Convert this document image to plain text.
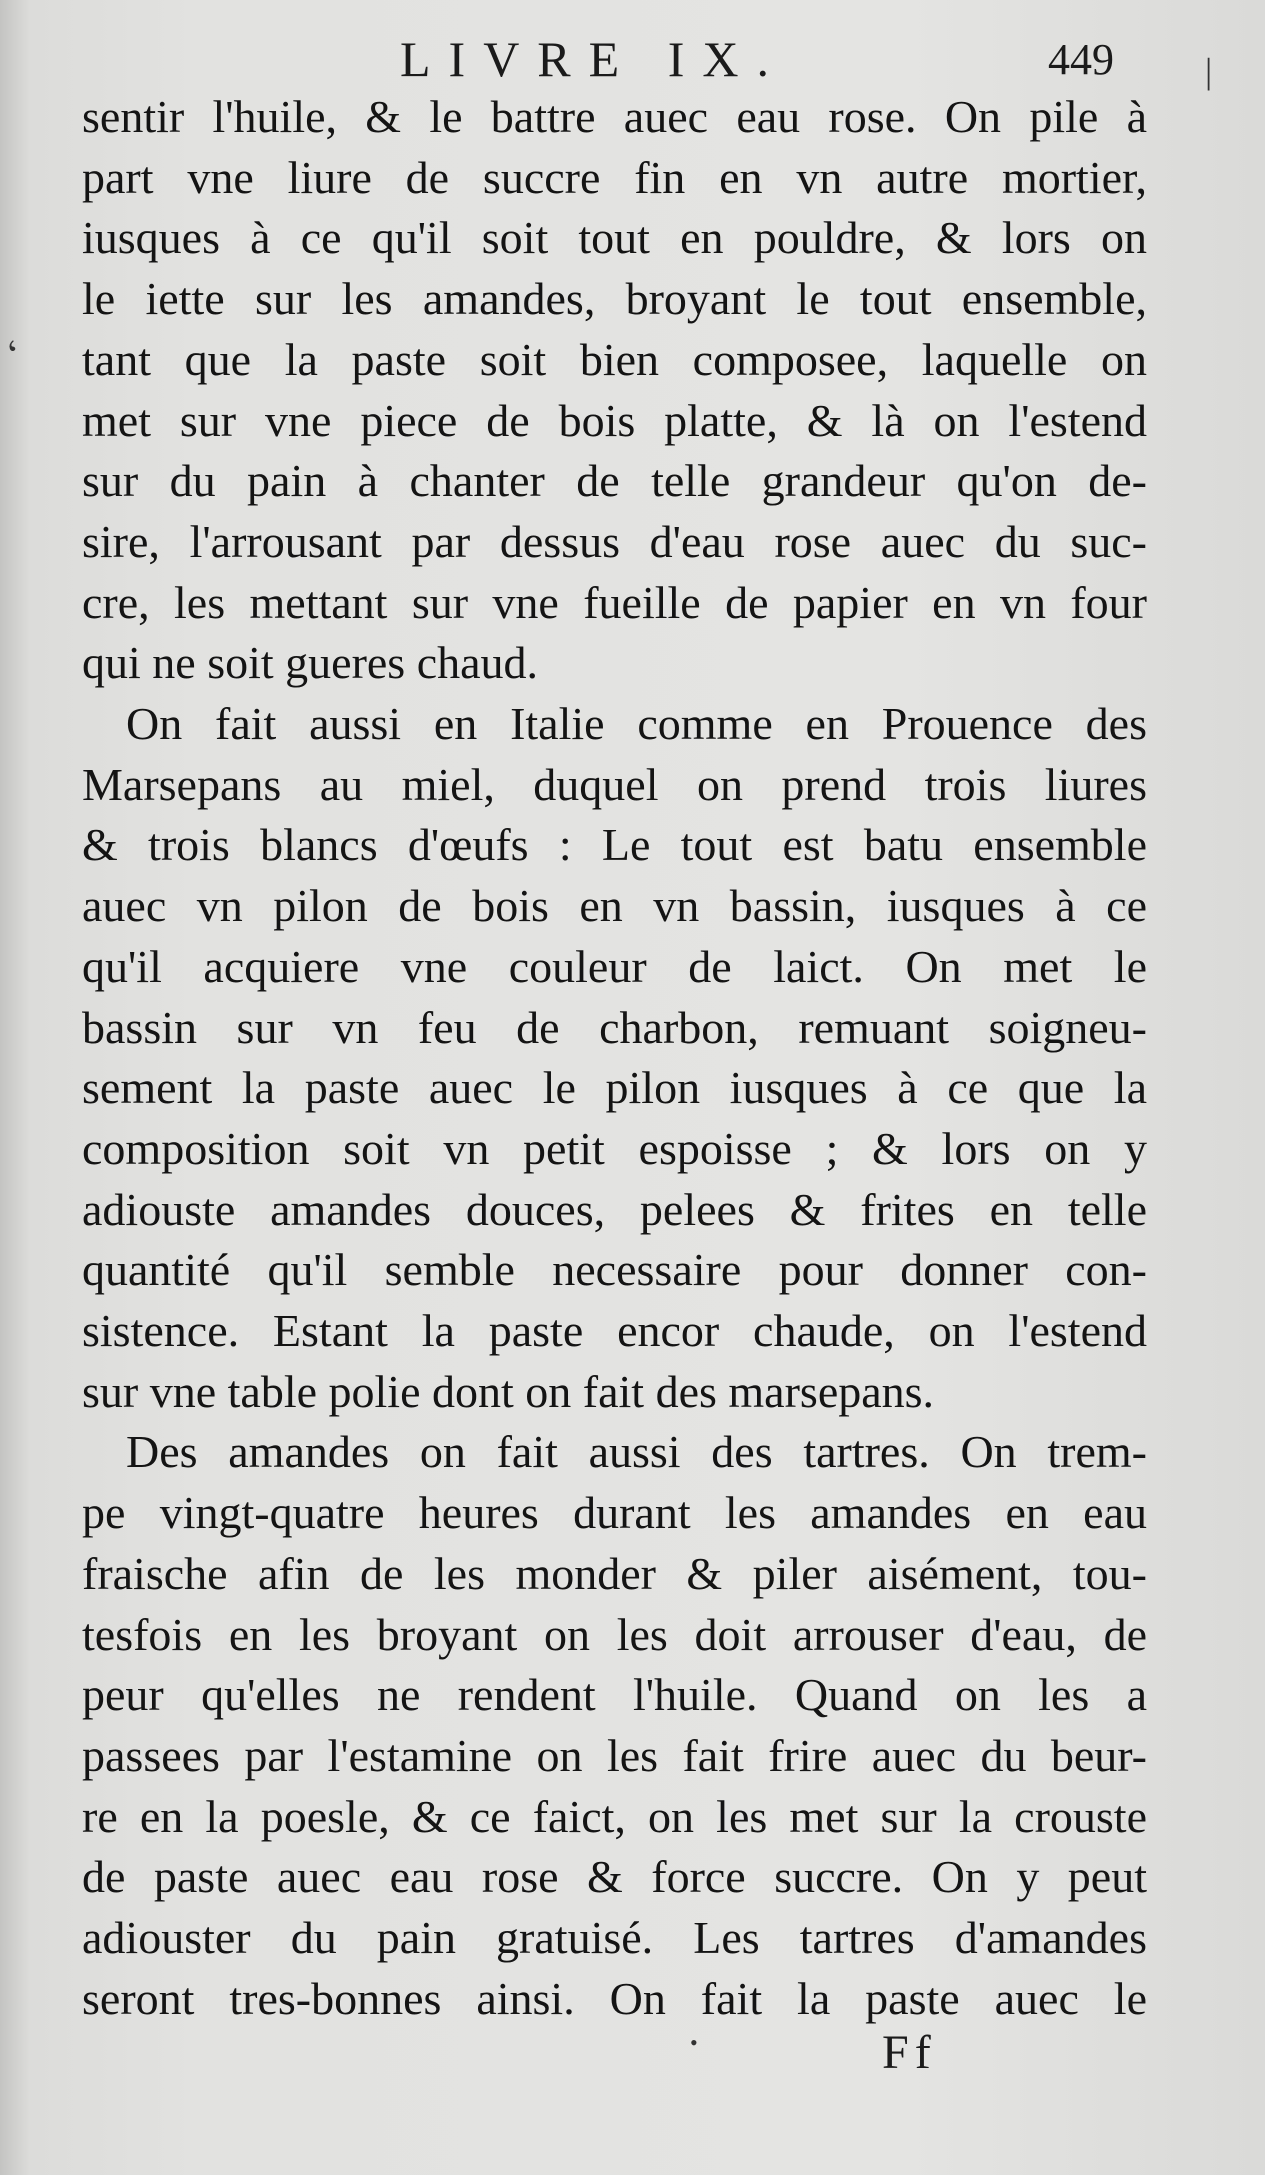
LIVRE IX.	449
sentir l'huile, & le battre auec eau rose. On pile à
part vne liure de succre fin en vn autre mortier,
iusques à ce qu'il soit tout en pouldre, & lors on
le iette sur les amandes, broyant le tout ensemble,
tant que la paste soit bien composee, laquelle on
met sur vne piece de bois platte, & là on l'estend
sur du pain à chanter de telle grandeur qu'on de-
sire, l'arrousant par dessus d'eau rose auec du suc-
cre, les mettant sur vne fueille de papier en vn four
qui ne soit gueres chaud.
On fait aussi en Italie comme en Prouence des
Marsepans au miel, duquel on prend trois liures
& trois blancs d'œufs : Le tout est batu ensemble
auec vn pilon de bois en vn bassin, iusques à ce
qu'il acquiere vne couleur de laict. On met le
bassin sur vn feu de charbon, remuant soigneu-
sement la paste auec le pilon iusques à ce que la
composition soit vn petit espoisse ; & lors on y
adiouste amandes douces, pelees & frites en telle
quantité qu'il semble necessaire pour donner con-
sistence. Estant la paste encor chaude, on l'estend
sur vne table polie dont on fait des marsepans.
Des amandes on fait aussi des tartres. On trem-
pe vingt-quatre heures durant les amandes en eau
fraische afin de les monder & piler aisément, tou-
tesfois en les broyant on les doit arrouser d'eau, de
peur qu'elles ne rendent l'huile. Quand on les a
passees par l'estamine on les fait frire auec du beur-
re en la poesle, & ce faict, on les met sur la crouste
de paste auec eau rose & force succre. On y peut
adiouster du pain gratuisé. Les tartres d'amandes
seront tres-bonnes ainsi. On fait la paste auec le
Ff
‘
|
•
